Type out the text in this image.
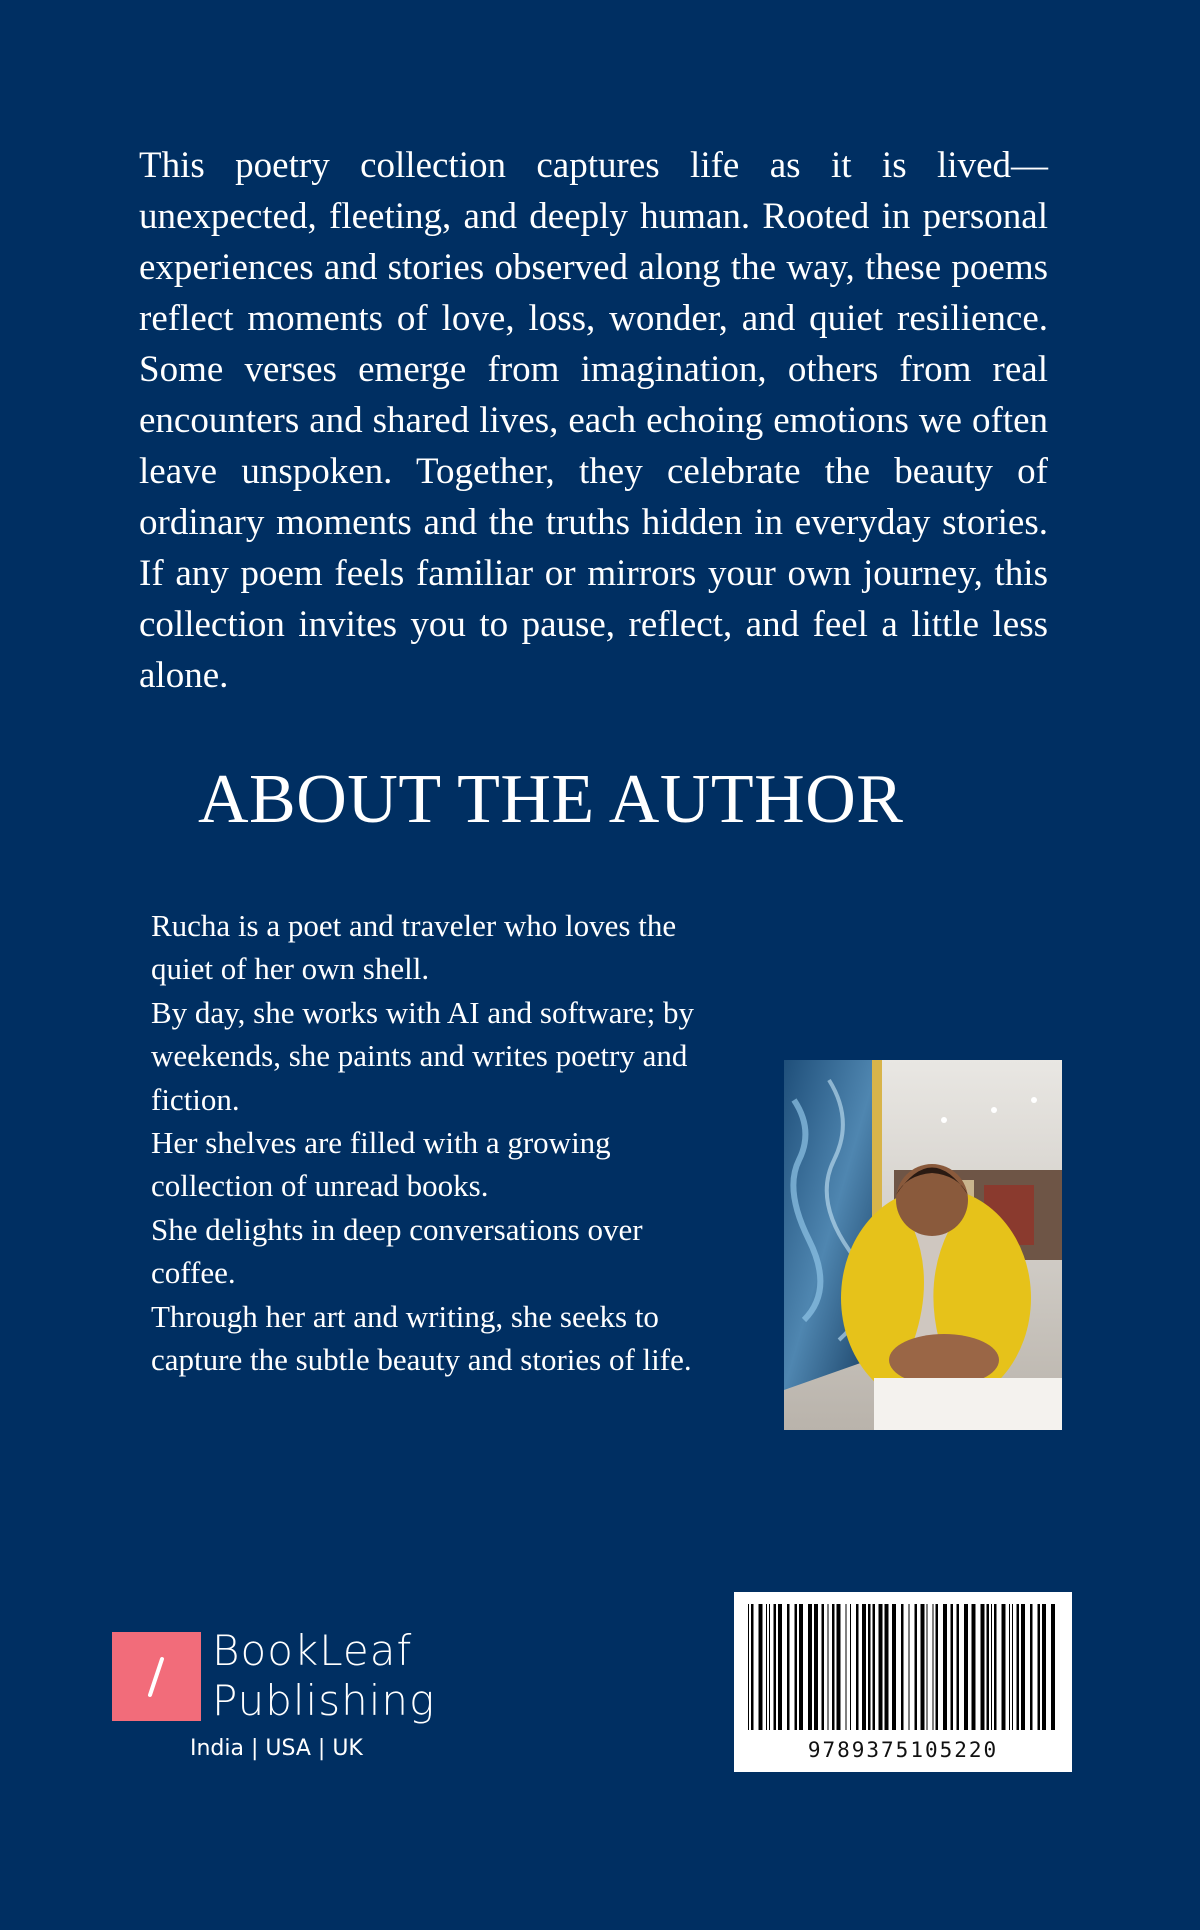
This poetry collection captures life as it is lived—unexpected, fleeting, and deeply human. Rooted in personal experiences and stories observed along the way, these poems reflect moments of love, loss, wonder, and quiet resilience. Some verses emerge from imagination, others from real encounters and shared lives, each echoing emotions we often leave unspoken. Together, they celebrate the beauty of ordinary moments and the truths hidden in everyday stories. If any poem feels familiar or mirrors your own journey, this collection invites you to pause, reflect, and feel a little less alone.

ABOUT THE AUTHOR

Rucha is a poet and traveler who loves the

quiet of her own shell.

By day, she works with AI and software; by

weekends, she paints and writes poetry and

fiction.

Her shelves are filled with a growing

collection of unread books.

She delights in deep conversations over

coffee.

Through her art and writing, she seeks to

capture the subtle beauty and stories of life.

BookLeaf
Publishing
India | USA | UK	9789375105220
